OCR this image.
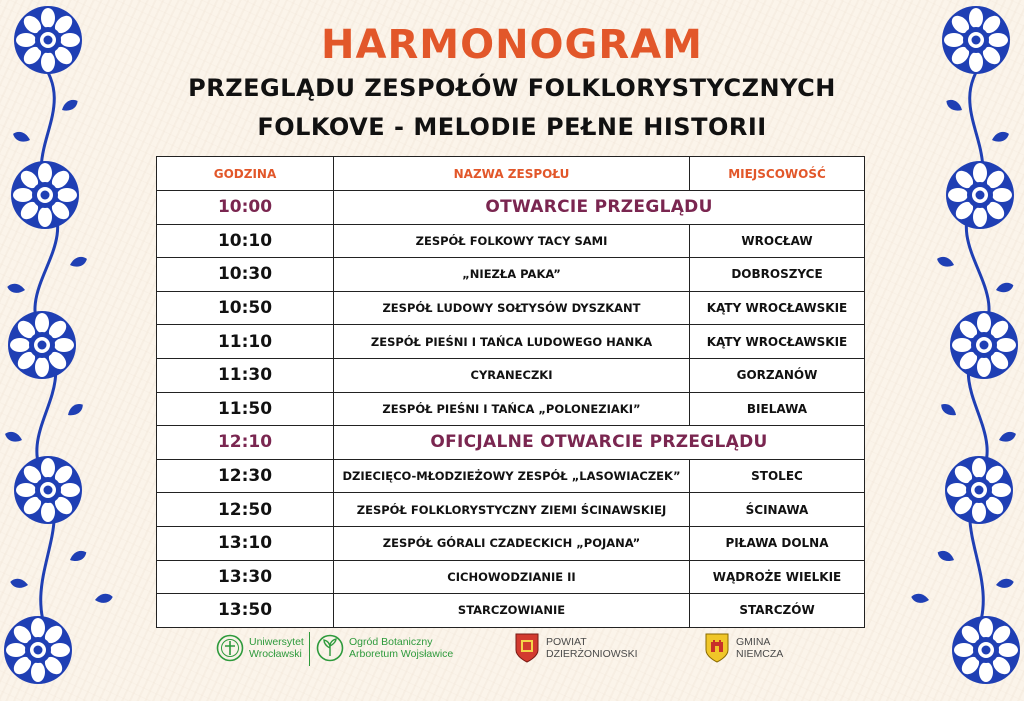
HARMONOGRAM
PRZEGLĄDU ZESPOŁÓW FOLKLORYSTYCZNYCH
FOLKOVE - MELODIE PEŁNE HISTORII
GODZINA	NAZWA ZESPOŁU	MIEJSCOWOŚĆ
10:00	OTWARCIE PRZEGLĄDU	
10:10	ZESPÓŁ FOLKOWY TACY SAMI	WROCŁAW
10:30	„NIEZŁA PAKA”	DOBROSZYCE
10:50	ZESPÓŁ LUDOWY SOŁTYSÓW DYSZKANT	KĄTY WROCŁAWSKIE
11:10	ZESPÓŁ PIEŚNI I TAŃCA LUDOWEGO HANKA	KĄTY WROCŁAWSKIE
11:30	CYRANECZKI	GORZANÓW
11:50	ZESPÓŁ PIEŚNI I TAŃCA „POLONEZIAKI”	BIELAWA
12:10	OFICJALNE OTWARCIE PRZEGLĄDU	
12:30	DZIECIĘCO-MŁODZIEŻOWY ZESPÓŁ „LASOWIACZEK”	STOLEC
12:50	ZESPÓŁ FOLKLORYSTYCZNY ZIEMI ŚCINAWSKIEJ	ŚCINAWA
13:10	ZESPÓŁ GÓRALI CZADECKICH „POJANA”	PIŁAWA DOLNA
13:30	CICHOWODZIANIE II	WĄDROŻE WIELKIE
13:50	STARCZOWIANIE	STARCZÓW
Uniwersytet
Wrocławski
Ogród Botaniczny
Arboretum Wojsławice
POWIAT
DZIERŻONIOWSKI
GMINA
NIEMCZA
